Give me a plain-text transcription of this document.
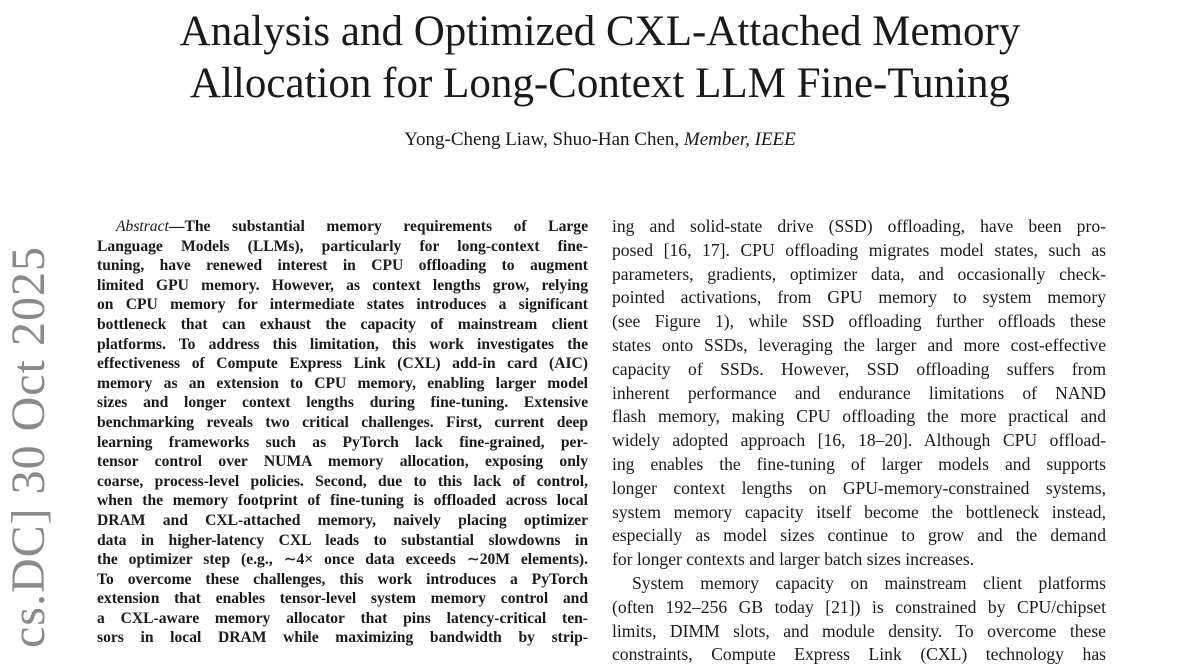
Analysis and Optimized CXL-Attached Memory
Allocation for Long-Context LLM Fine-Tuning
Yong-Cheng Liaw, Shuo-Han Chen, Member, IEEE
cs.DC] 30 Oct 2025
Abstract—The substantial memory requirements of Large
Language Models (LLMs), particularly for long-context fine-
tuning, have renewed interest in CPU offloading to augment
limited GPU memory. However, as context lengths grow, relying
on CPU memory for intermediate states introduces a significant
bottleneck that can exhaust the capacity of mainstream client
platforms. To address this limitation, this work investigates the
effectiveness of Compute Express Link (CXL) add-in card (AIC)
memory as an extension to CPU memory, enabling larger model
sizes and longer context lengths during fine-tuning. Extensive
benchmarking reveals two critical challenges. First, current deep
learning frameworks such as PyTorch lack fine-grained, per-
tensor control over NUMA memory allocation, exposing only
coarse, process-level policies. Second, due to this lack of control,
when the memory footprint of fine-tuning is offloaded across local
DRAM and CXL-attached memory, naively placing optimizer
data in higher-latency CXL leads to substantial slowdowns in
the optimizer step (e.g., ∼4× once data exceeds ∼20M elements).
To overcome these challenges, this work introduces a PyTorch
extension that enables tensor-level system memory control and
a CXL-aware memory allocator that pins latency-critical ten-
sors in local DRAM while maximizing bandwidth by strip-
ing and solid-state drive (SSD) offloading, have been pro-
posed [16, 17]. CPU offloading migrates model states, such as
parameters, gradients, optimizer data, and occasionally check-
pointed activations, from GPU memory to system memory
(see Figure 1), while SSD offloading further offloads these
states onto SSDs, leveraging the larger and more cost-effective
capacity of SSDs. However, SSD offloading suffers from
inherent performance and endurance limitations of NAND
flash memory, making CPU offloading the more practical and
widely adopted approach [16, 18–20]. Although CPU offload-
ing enables the fine-tuning of larger models and supports
longer context lengths on GPU-memory-constrained systems,
system memory capacity itself become the bottleneck instead,
especially as model sizes continue to grow and the demand
for longer contexts and larger batch sizes increases.
System memory capacity on mainstream client platforms
(often 192–256 GB today [21]) is constrained by CPU/chipset
limits, DIMM slots, and module density. To overcome these
constraints, Compute Express Link (CXL) technology has
